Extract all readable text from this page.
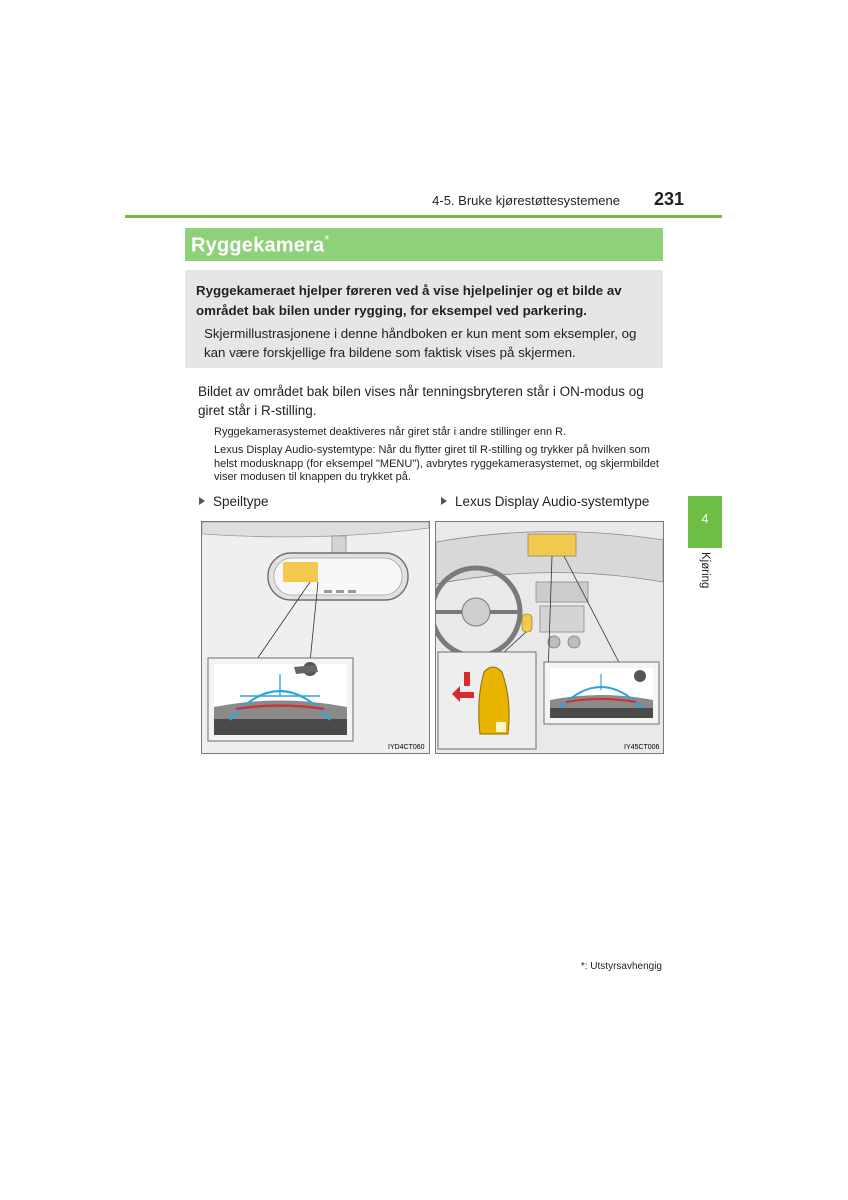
4-5. Bruke kjørestøttesystemene	231
Ryggekamera*
Ryggekameraet hjelper føreren ved å vise hjelpelinjer og et bilde av området bak bilen under rygging, for eksempel ved parkering.
Skjermillustrasjonene i denne håndboken er kun ment som eksempler, og kan være forskjellige fra bildene som faktisk vises på skjermen.
Bildet av området bak bilen vises når tenningsbryteren står i ON-modus og giret står i R-stilling.
Ryggekamerasystemet deaktiveres når giret står i andre stillinger enn R.
Lexus Display Audio-systemtype: Når du flytter giret til R-stilling og trykker på hvilken som helst modusknapp (for eksempel "MENU"), avbrytes ryggekamerasystemet, og skjermbildet viser modusen til knappen du trykket på.
Speiltype	Lexus Display Audio-systemtype
IYD4CT060	IY45CT006
4
Kjøring
*: Utstyrsavhengig
